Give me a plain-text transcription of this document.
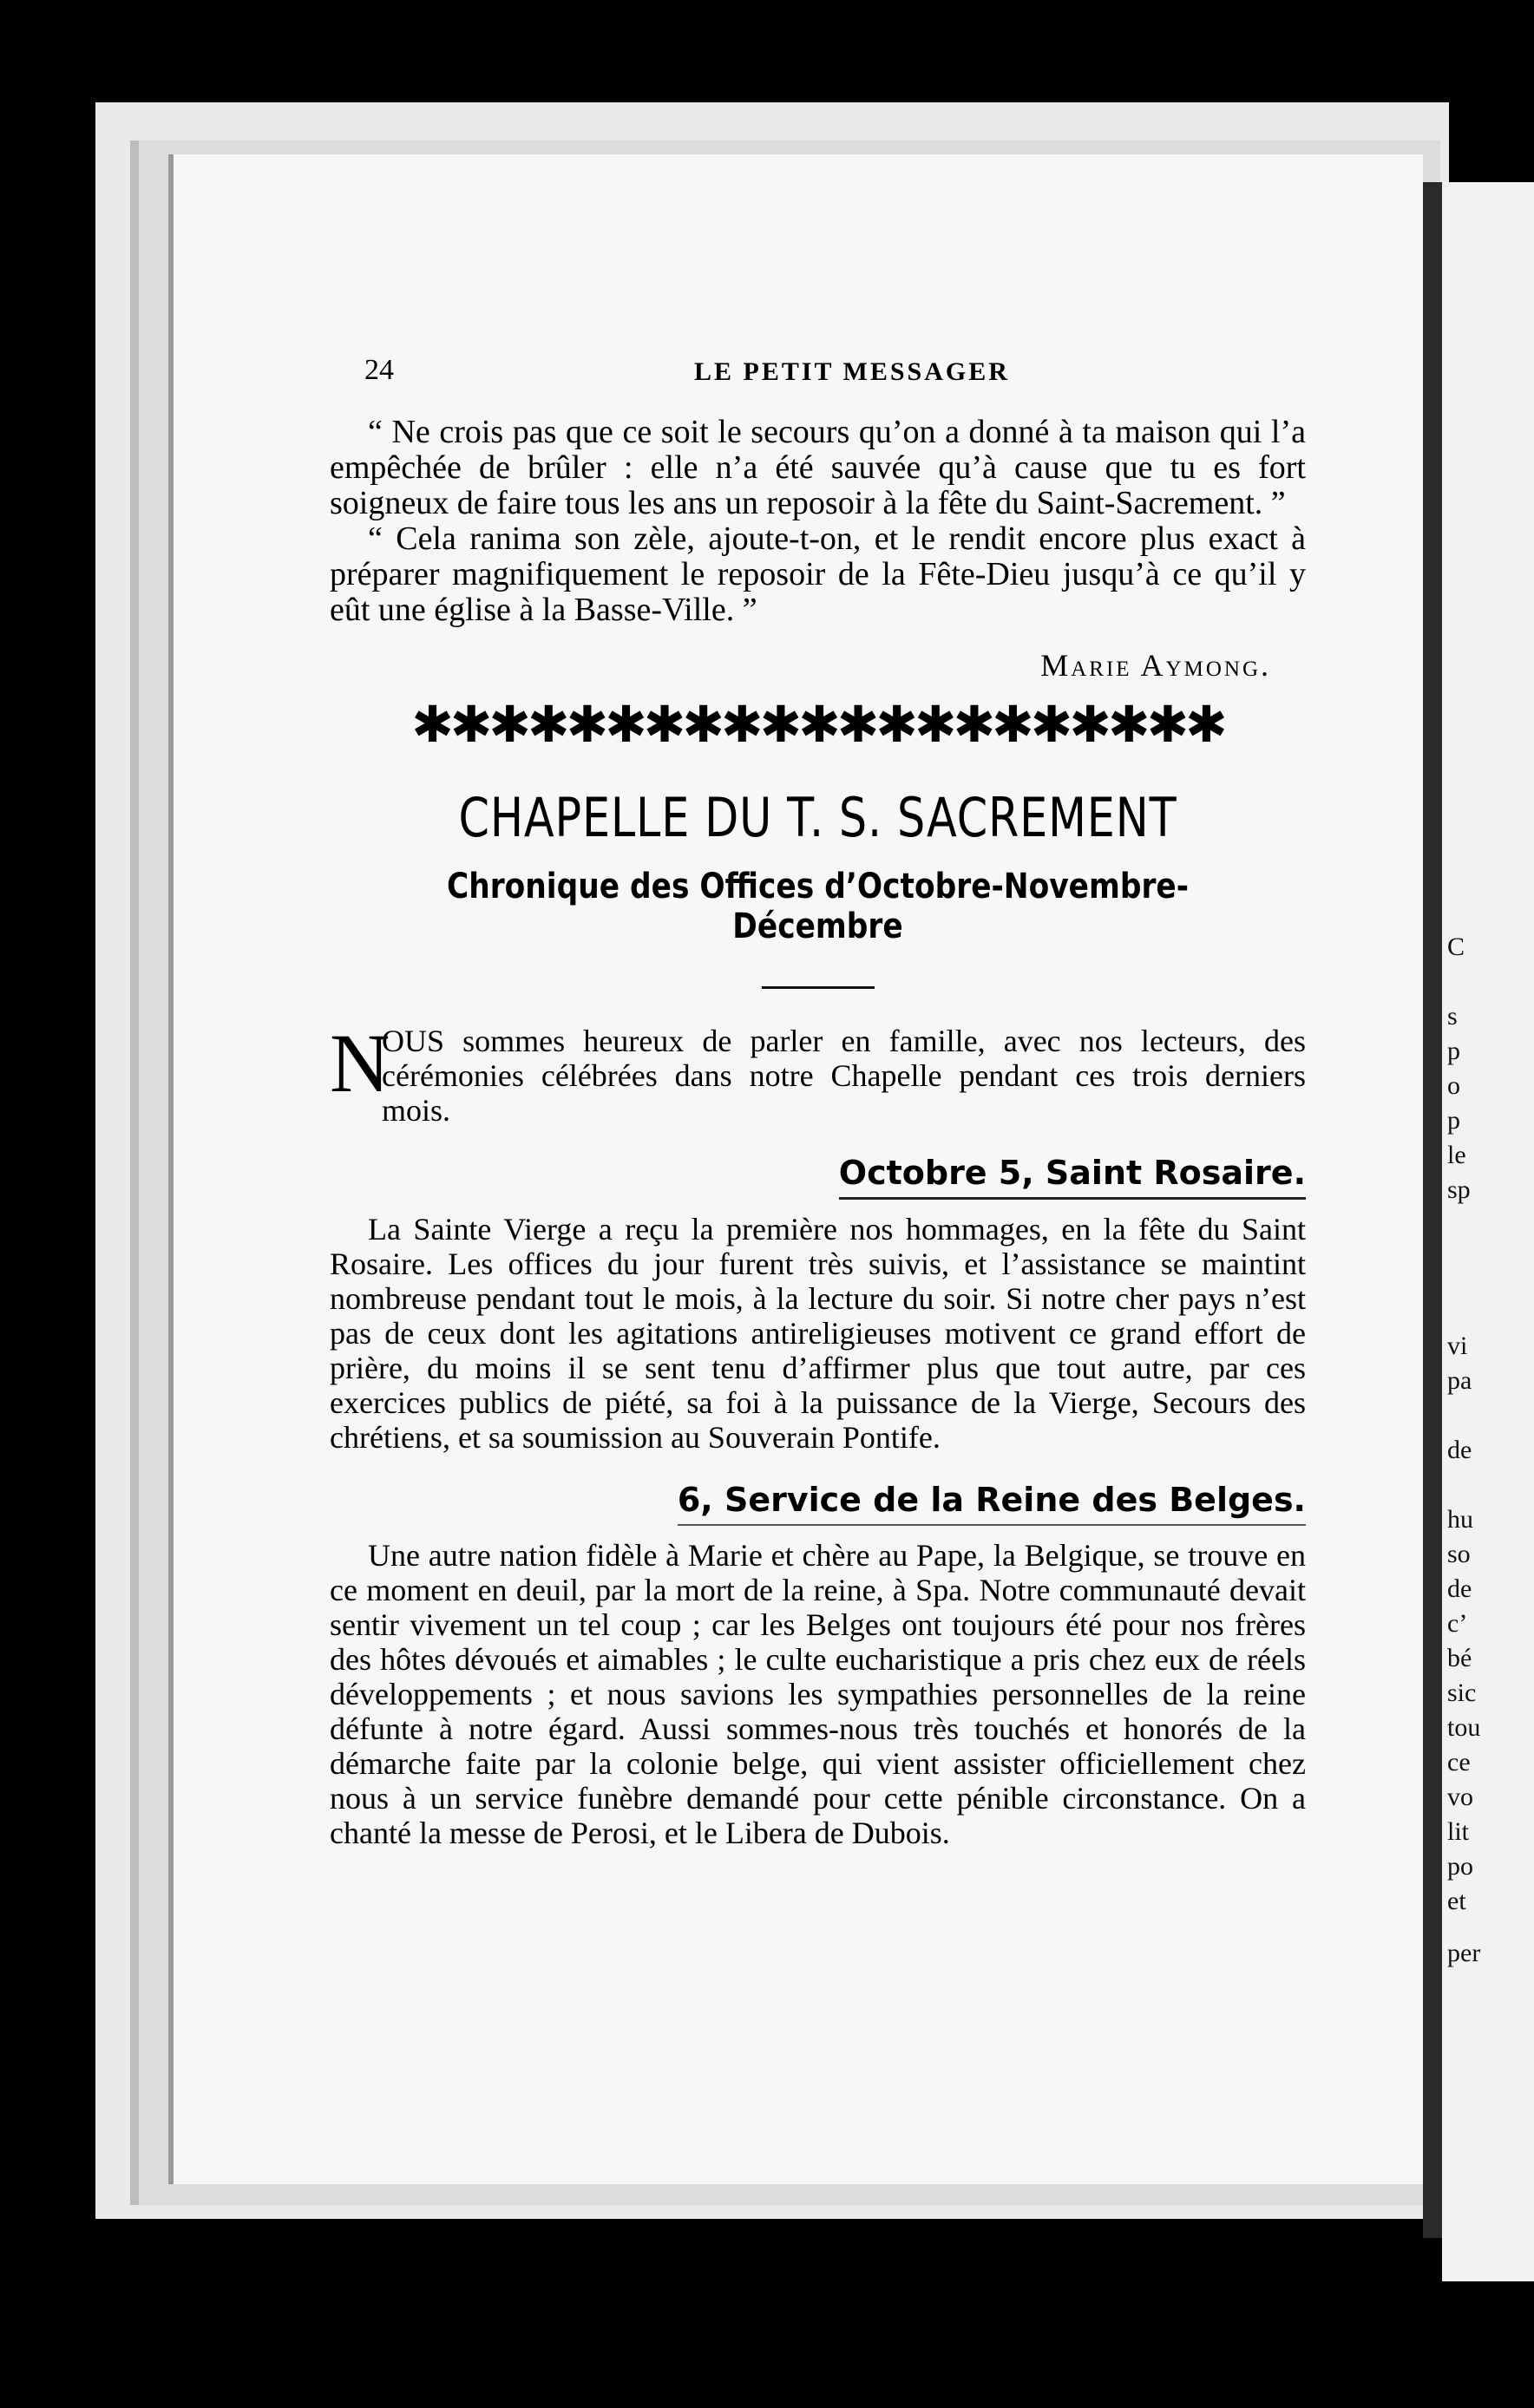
C
s
p
o
p
le
sp
vi
pa
de
hu
so
de
c’
bé
sic
tou
ce
vo
lit
po
et
per
24	LE PETIT MESSAGER

“ Ne crois pas que ce soit le secours qu’on a donné à ta maison qui l’a empêchée de brûler : elle n’a été sauvée qu’à cause que tu es fort soigneux de faire tous les ans un reposoir à la fête du Saint-Sacrement. ”

“ Cela ranima son zèle, ajoute-t-on, et le rendit encore plus exact à préparer magnifiquement le reposoir de la Fête-Dieu jusqu’à ce qu’il y eût une église à la Basse-Ville. ”

Marie Aymong.
✱✱✱✱✱✱✱✱✱✱✱✱✱✱✱✱✱✱✱✱✱
CHAPELLE DU T. S. SACREMENT
Chronique des Offices d’Octobre-Novembre-Décembre
N
OUS sommes heureux de parler en famille, avec nos lecteurs, des cérémonies célébrées dans notre Chapelle pendant ces trois derniers mois.
Octobre 5, Saint Rosaire.

La Sainte Vierge a reçu la première nos hommages, en la fête du Saint Rosaire. Les offices du jour furent très suivis, et l’assistance se maintint nombreuse pendant tout le mois, à la lecture du soir. Si notre cher pays n’est pas de ceux dont les agitations antireligieuses motivent ce grand effort de prière, du moins il se sent tenu d’affirmer plus que tout autre, par ces exercices publics de piété, sa foi à la puissance de la Vierge, Secours des chrétiens, et sa soumission au Souverain Pontife.

6, Service de la Reine des Belges.

Une autre nation fidèle à Marie et chère au Pape, la Belgique, se trouve en ce moment en deuil, par la mort de la reine, à Spa. Notre communauté devait sentir vivement un tel coup ; car les Belges ont toujours été pour nos frères des hôtes dévoués et aimables ; le culte eucharistique a pris chez eux de réels développements ; et nous savions les sympathies personnelles de la reine défunte à notre égard. Aussi sommes-nous très touchés et honorés de la démarche faite par la colonie belge, qui vient assister officiellement chez nous à un service funèbre demandé pour cette pénible circonstance. On a chanté la messe de Perosi, et le Libera de Dubois.
